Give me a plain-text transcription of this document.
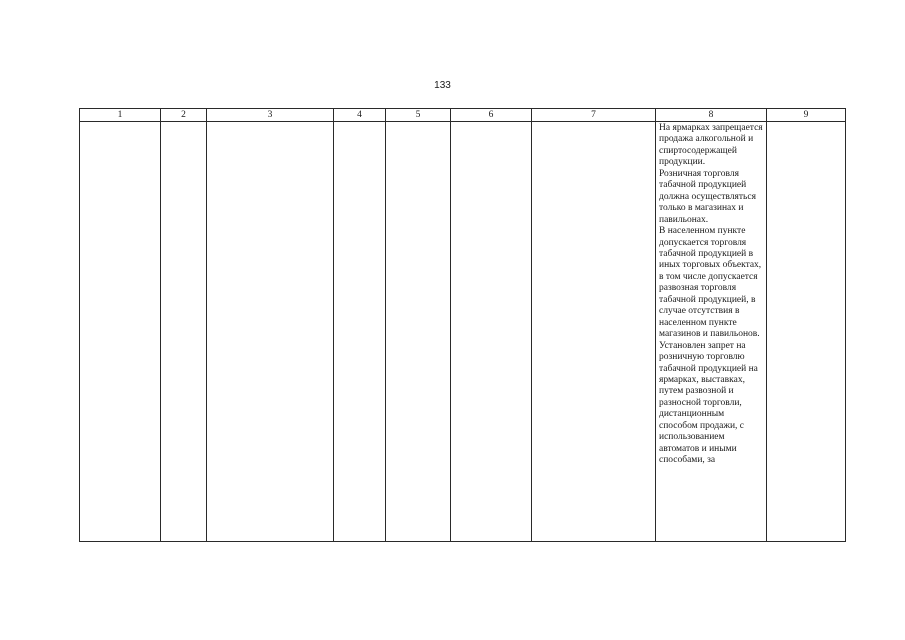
133
1	2	3	4	5	6	7	8	9

							На ярмарках запрещается продажа алкогольной и спиртосодержащей продукции.

Розничная торговля табачной продукцией должна осуществляться только в магазинах и павильонах.

В населенном пункте допускается торговля табачной продукцией в иных торговых объектах, в том числе допускается развозная торговля табачной продукцией, в случае отсутствия в населенном пункте магазинов и павильонов.

Установлен запрет на розничную торговлю табачной продукцией на ярмарках, выставках, путем развозной и разносной торговли, дистанционным способом продажи, с использованием автоматов и иными способами, за	
